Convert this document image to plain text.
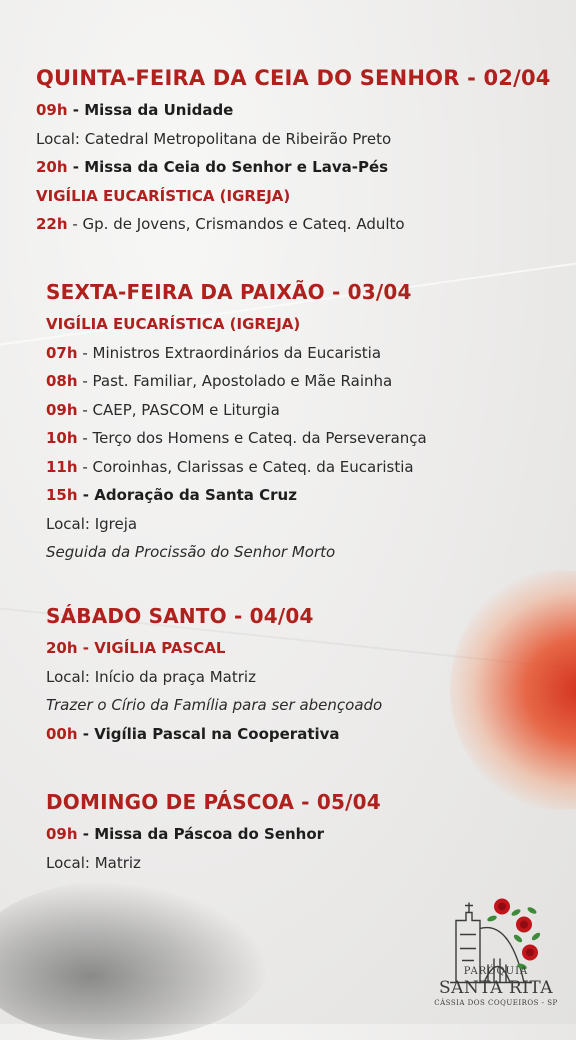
QUINTA-FEIRA DA CEIA DO SENHOR - 02/04
09h - Missa da Unidade
Local: Catedral Metropolitana de Ribeirão Preto
20h - Missa da Ceia do Senhor e Lava-Pés
VIGÍLIA EUCARÍSTICA (IGREJA)
22h - Gp. de Jovens, Crismandos e Cateq. Adulto
SEXTA-FEIRA DA PAIXÃO - 03/04
VIGÍLIA EUCARÍSTICA (IGREJA)
07h - Ministros Extraordinários da Eucaristia
08h - Past. Familiar, Apostolado e Mãe Rainha
09h - CAEP, PASCOM e Liturgia
10h - Terço dos Homens e Cateq. da Perseverança
11h - Coroinhas, Clarissas e Cateq. da Eucaristia
15h - Adoração da Santa Cruz
Local: Igreja
Seguida da Procissão do Senhor Morto
SÁBADO SANTO - 04/04
20h - VIGÍLIA PASCAL
Local: Início da praça Matriz
Trazer o Círio da Família para ser abençoado
00h - Vigília Pascal na Cooperativa
DOMINGO DE PÁSCOA - 05/04
09h - Missa da Páscoa do Senhor
Local: Matriz
PARÓQUIA
SANTA RITA
CÁSSIA DOS COQUEIROS - SP
